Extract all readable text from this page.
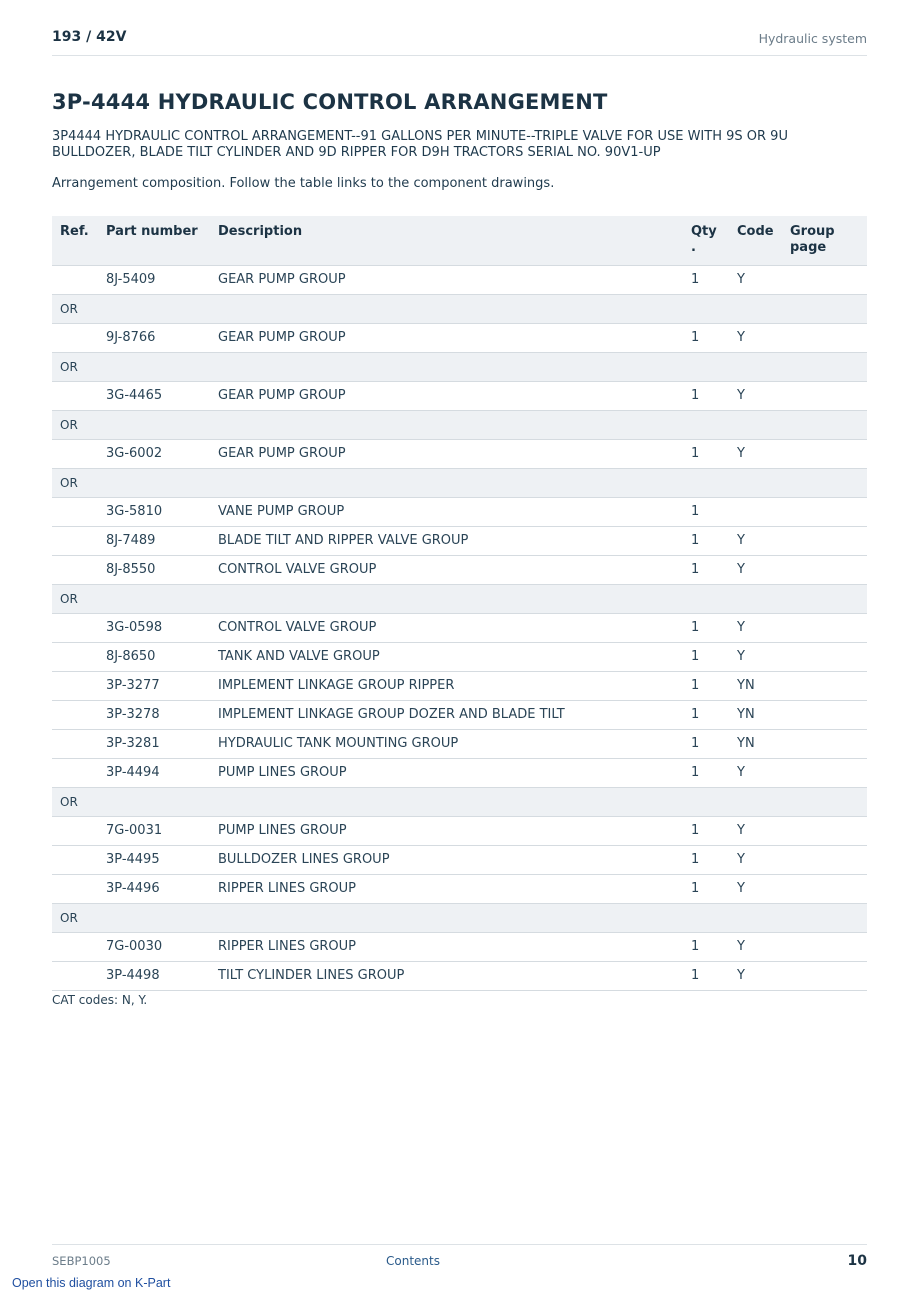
193 / 42V	Hydraulic system
3P-4444 HYDRAULIC CONTROL ARRANGEMENT

3P4444 HYDRAULIC CONTROL ARRANGEMENT--91 GALLONS PER MINUTE--TRIPLE VALVE FOR USE WITH 9S OR 9U BULLDOZER, BLADE TILT CYLINDER AND 9D RIPPER FOR D9H TRACTORS SERIAL NO. 90V1-UP

Arrangement composition. Follow the table links to the component drawings.

Ref.	Part number	Description	Qty .	Code	Group page
	8J-5409	GEAR PUMP GROUP	1	Y	
OR					
	9J-8766	GEAR PUMP GROUP	1	Y	
OR					
	3G-4465	GEAR PUMP GROUP	1	Y	
OR					
	3G-6002	GEAR PUMP GROUP	1	Y	
OR					
	3G-5810	VANE PUMP GROUP	1		
	8J-7489	BLADE TILT AND RIPPER VALVE GROUP	1	Y	
	8J-8550	CONTROL VALVE GROUP	1	Y	
OR					
	3G-0598	CONTROL VALVE GROUP	1	Y	
	8J-8650	TANK AND VALVE GROUP	1	Y	
	3P-3277	IMPLEMENT LINKAGE GROUP RIPPER	1	YN	
	3P-3278	IMPLEMENT LINKAGE GROUP DOZER AND BLADE TILT	1	YN	
	3P-3281	HYDRAULIC TANK MOUNTING GROUP	1	YN	
	3P-4494	PUMP LINES GROUP	1	Y	
OR					
	7G-0031	PUMP LINES GROUP	1	Y	
	3P-4495	BULLDOZER LINES GROUP	1	Y	
	3P-4496	RIPPER LINES GROUP	1	Y	
OR					
	7G-0030	RIPPER LINES GROUP	1	Y	
	3P-4498	TILT CYLINDER LINES GROUP	1	Y	

CAT codes: N, Y.

SEBP1005	Contents	10
Open this diagram on K-Part
